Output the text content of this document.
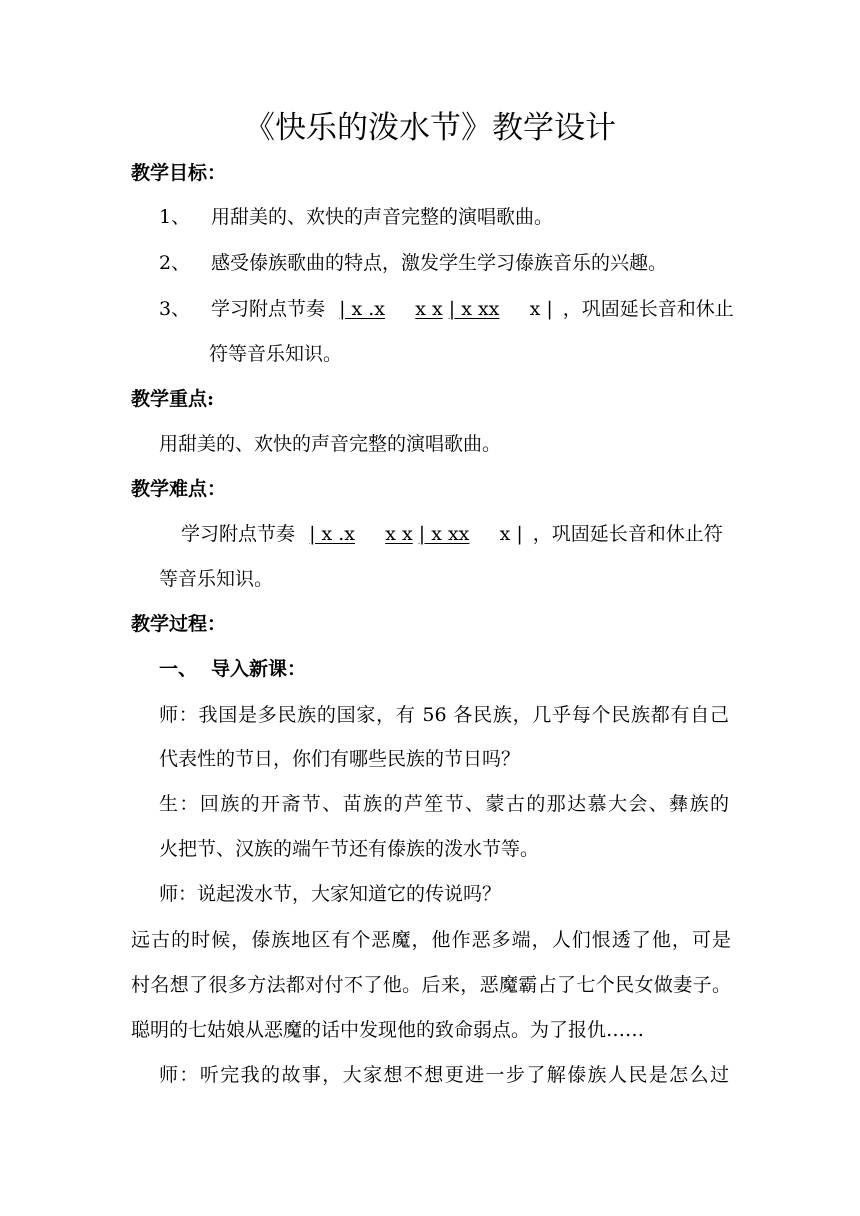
《快乐的泼水节》教学设计
教学目标：
1、 用甜美的、欢快的声音完整的演唱歌曲。
2、 感受傣族歌曲的特点，激发学生学习傣族音乐的兴趣。
3、 学习附点节奏 | x .x x x | x xx x | ，巩固延长音和休止
符等音乐知识。
教学重点:
用甜美的、欢快的声音完整的演唱歌曲。
教学难点：
学习附点节奏 | x .x x x | x xx x | ，巩固延长音和休止符
等音乐知识。
教学过程：
一、 导入新课：
师：我国是多民族的国家，有 56 各民族，几乎每个民族都有自己
代表性的节日，你们有哪些民族的节日吗？
生：回族的开斋节、苗族的芦笙节、蒙古的那达慕大会、彝族的
火把节、汉族的端午节还有傣族的泼水节等。
师：说起泼水节，大家知道它的传说吗？
远古的时候，傣族地区有个恶魔，他作恶多端，人们恨透了他，可是
村名想了很多方法都对付不了他。后来，恶魔霸占了七个民女做妻子。
聪明的七姑娘从恶魔的话中发现他的致命弱点。为了报仇……
师：听完我的故事，大家想不想更进一步了解傣族人民是怎么过
